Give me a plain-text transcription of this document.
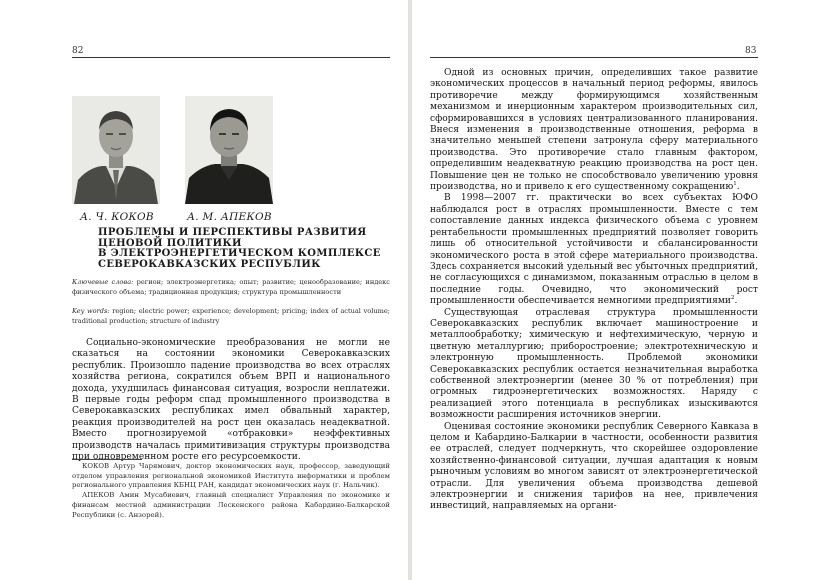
82
А. Ч. КОКОВ	А. М. АПЕКОВ
ПРОБЛЕМЫ И ПЕРСПЕКТИВЫ РАЗВИТИЯ
ЦЕНОВОЙ ПОЛИТИКИ
В ЭЛЕКТРОЭНЕРГЕТИЧЕСКОМ КОМПЛЕКСЕ
СЕВЕРОКАВКАЗСКИХ РЕСПУБЛИК
Ключевые слова: регион; электроэнергетика; опыт; развитие; ценообразование; индекс физического объема; традиционная продукция; структура промышленности
Key words: region; electric power; experience; development; pricing; index of actual volume; traditional production; structure of industry

Социально-экономические преобразования не могли не сказаться на состоянии экономики Северокавказских республик. Произошло падение производства во всех отраслях хозяйства региона, сократился объем ВРП и национального дохода, ухудшилась финансовая ситуация, возросли неплатежи. В первые годы реформ спад промышленного производства в Северокавказских республиках имел обвальный характер, реакция производителей на рост цен оказалась неадекватной. Вместо прогнозируемой «отбраковки» неэффективных производств началась примитивизация структуры производства при одновременном росте его ресурсоемкости.

КОКОВ Артур Чарямович, доктор экономических наук, профессор, заведующий отделом управления региональной экономикой Института информатики и проблем регионального управления КБНЦ РАН, кандидат экономических наук (г. Нальчик).

АПЕКОВ Амин Мусабиевич, главный специалист Управления по экономике и финансам местной администрации Лескенского района Кабардино-Балкарской Республики (с. Анзорей).

83

Одной из основных причин, определивших такое развитие экономических процессов в начальный период реформы, явилось противоречие между формирующимся хозяйственным механизмом и инерционным характером производительных сил, сформировавшихся в условиях централизованного планирования. Внеся изменения в производственные отношения, реформа в значительно меньшей степени затронула сферу материального производства. Это противоречие стало главным фактором, определившим неадекватную реакцию производства на рост цен. Повышение цен не только не способствовало увеличению уровня производства, но и привело к его существенному сокращению$^1$.

В 1998—2007 гг. практически во всех субъектах ЮФО наблюдался рост в отраслях промышленности. Вместе с тем сопоставление данных индекса физического объема с уровнем рентабельности промышленных предприятий позволяет говорить лишь об относительной устойчивости и сбалансированности экономического роста в этой сфере материального производства. Здесь сохраняется высокий удельный вес убыточных предприятий, не согласующихся с динамизмом, показанным отраслью в целом в последние годы. Очевидно, что экономический рост промышленности обеспечивается немногими предприятиями$^2$.

Существующая отраслевая структура промышленности Северокавказских республик включает машиностроение и металлообработку; химическую и нефтехимическую, черную и цветную металлургию; приборостроение; электротехническую и электронную промышленность. Проблемой экономики Северокавказских республик остается незначительная выработка собственной электроэнергии (менее 30 % от потребления) при огромных гидроэнергетических возможностях. Наряду с реализацией этого потенциала в республиках изыскиваются возможности расширения источников энергии.

Оценивая состояние экономики республик Северного Кавказа в целом и Кабардино-Балкарии в частности, особенности развития ее отраслей, следует подчеркнуть, что скорейшее оздоровление хозяйственно-финансовой ситуации, лучшая адаптация к новым рыночным условиям во многом зависят от электроэнергетической отрасли. Для увеличения объема производства дешевой электроэнергии и снижения тарифов на нее, привлечения инвестиций, направляемых на органи-
